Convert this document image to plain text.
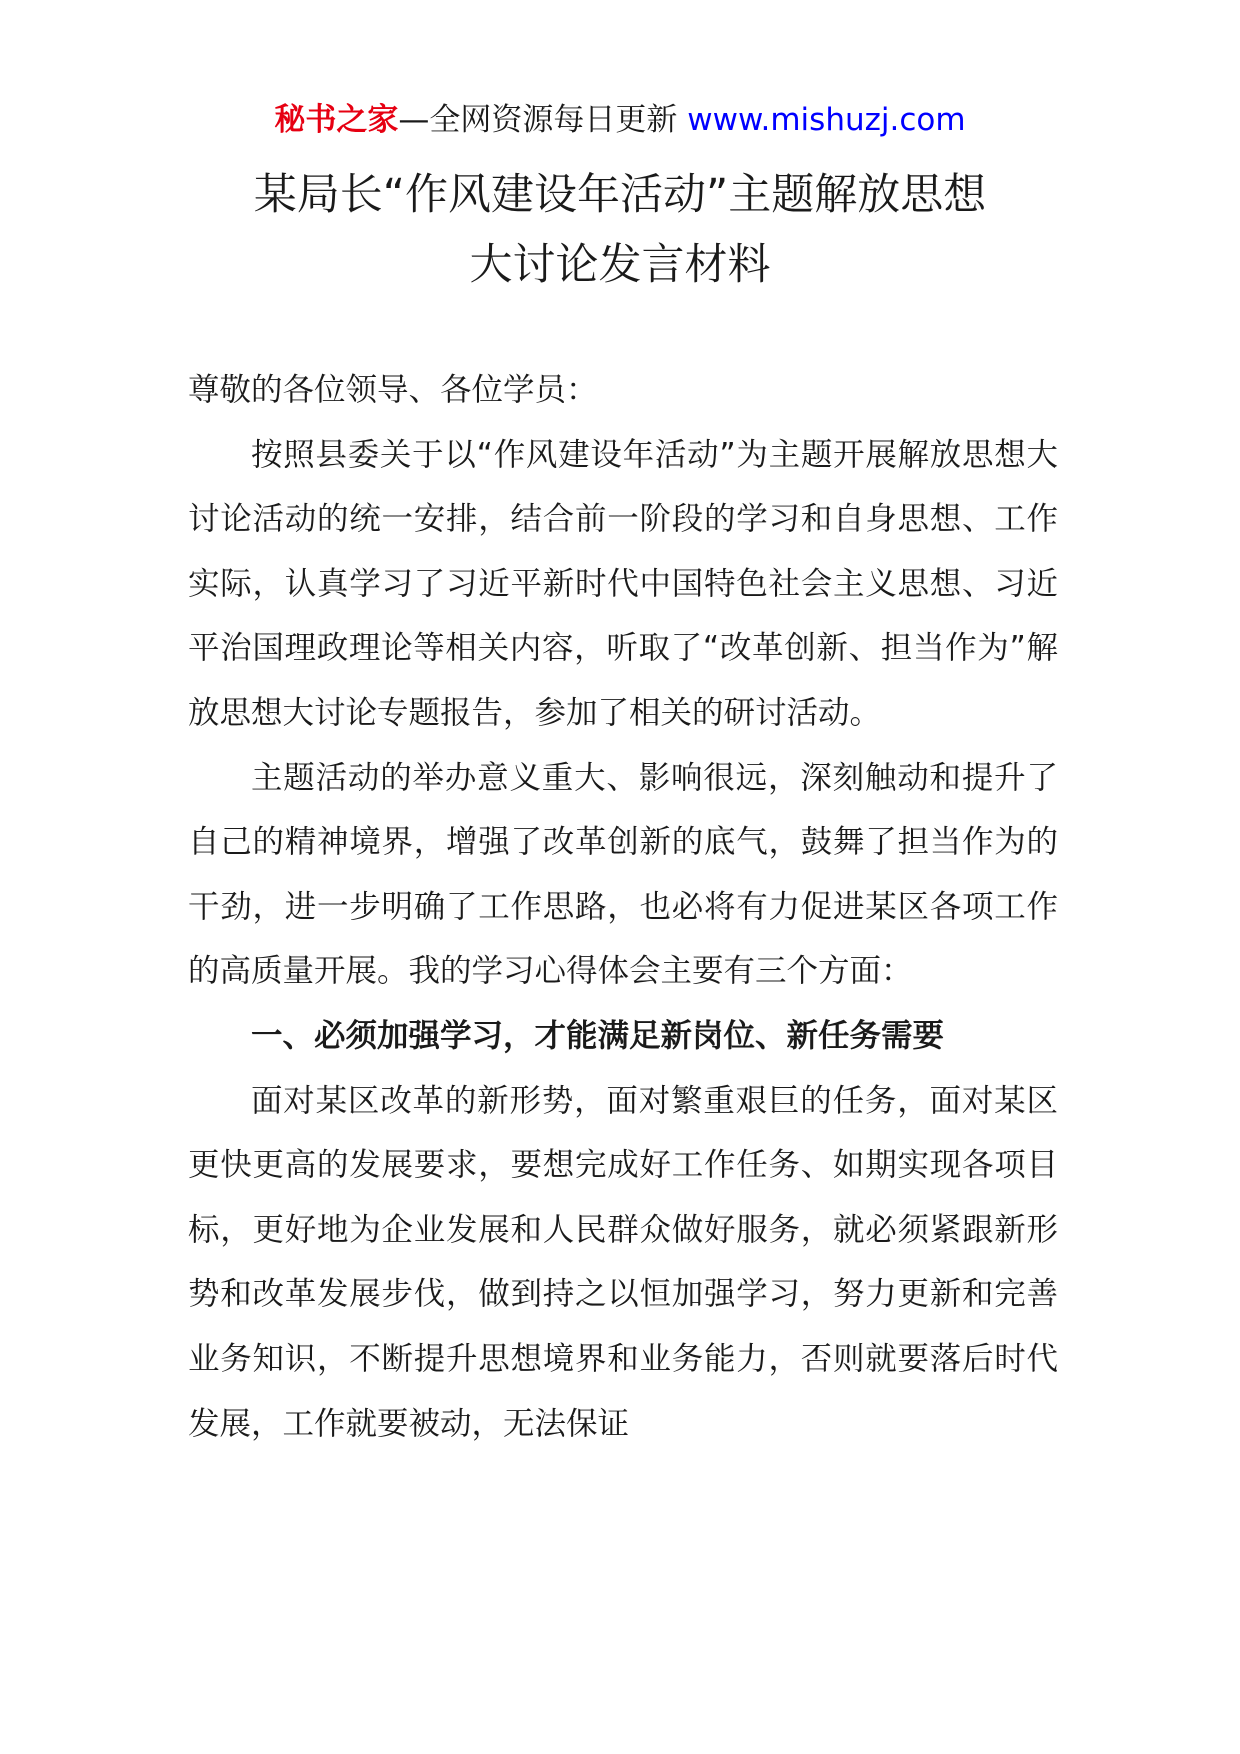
秘书之家—全网资源每日更新 www.mishuzj.com
某局长“作风建设年活动”主题解放思想
大讨论发言材料

尊敬的各位领导、各位学员：

按照县委关于以“作风建设年活动”为主题开展解放思想大讨论活动的统一安排，结合前一阶段的学习和自身思想、工作实际，认真学习了习近平新时代中国特色社会主义思想、习近平治国理政理论等相关内容，听取了“改革创新、担当作为”解放思想大讨论专题报告，参加了相关的研讨活动。

主题活动的举办意义重大、影响很远，深刻触动和提升了自己的精神境界，增强了改革创新的底气，鼓舞了担当作为的干劲，进一步明确了工作思路，也必将有力促进某区各项工作的高质量开展。我的学习心得体会主要有三个方面：

一、必须加强学习，才能满足新岗位、新任务需要

面对某区改革的新形势，面对繁重艰巨的任务，面对某区更快更高的发展要求，要想完成好工作任务、如期实现各项目标，更好地为企业发展和人民群众做好服务，就必须紧跟新形势和改革发展步伐，做到持之以恒加强学习，努力更新和完善业务知识，不断提升思想境界和业务能力，否则就要落后时代发展，工作就要被动，无法保证
